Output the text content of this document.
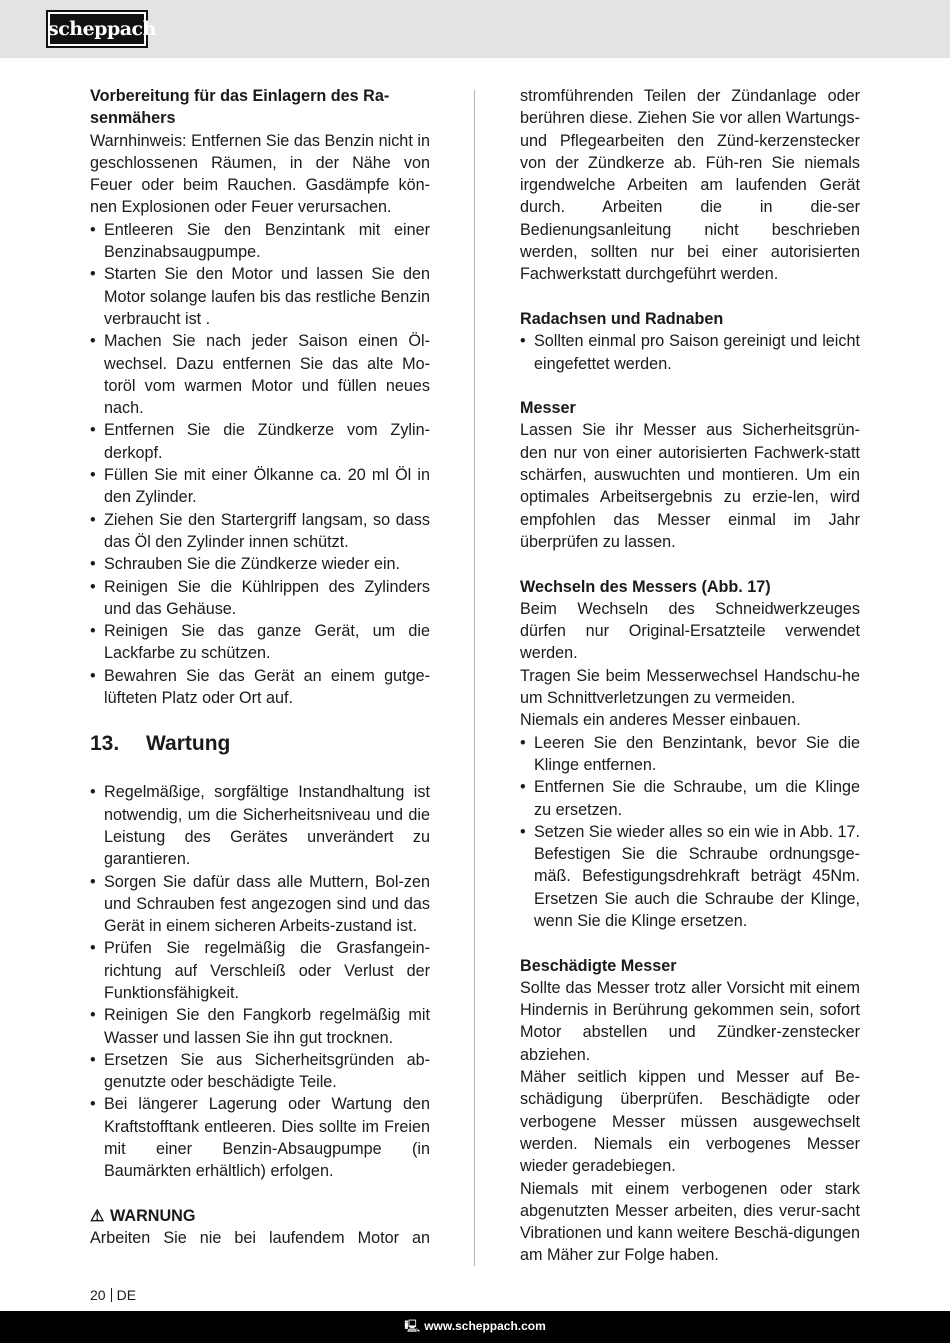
scheppach

Vorbereitung für das Einlagern des Ra-
senmähers

Warnhinweis: Entfernen Sie das Benzin nicht in geschlossenen Räumen, in der Nähe von Feuer oder beim Rauchen. Gasdämpfe kön-nen Explosionen oder Feuer verursachen.

• Entleeren Sie den Benzintank mit einer Benzinabsaugpumpe.
• Starten Sie den Motor und lassen Sie den Motor solange laufen bis das restliche Benzin verbraucht ist .
• Machen Sie nach jeder Saison einen Öl-wechsel. Dazu entfernen Sie das alte Mo-toröl vom warmen Motor und füllen neues nach.
• Entfernen Sie die Zündkerze vom Zylin-derkopf.
• Füllen Sie mit einer Ölkanne ca. 20 ml Öl in den Zylinder.
• Ziehen Sie den Startergriff langsam, so dass das Öl den Zylinder innen schützt.
• Schrauben Sie die Zündkerze wieder ein.
• Reinigen Sie die Kühlrippen des Zylinders und das Gehäuse.
• Reinigen Sie das ganze Gerät, um die Lackfarbe zu schützen.
• Bewahren Sie das Gerät an einem gutge-lüfteten Platz oder Ort auf.
13. Wartung
• Regelmäßige, sorgfältige Instandhaltung ist notwendig, um die Sicherheitsniveau und die Leistung des Gerätes unverändert zu garantieren.
• Sorgen Sie dafür dass alle Muttern, Bol-zen und Schrauben fest angezogen sind und das Gerät in einem sicheren Arbeits-zustand ist.
• Prüfen Sie regelmäßig die Grasfangein-richtung auf Verschleiß oder Verlust der Funktionsfähigkeit.
• Reinigen Sie den Fangkorb regelmäßig mit Wasser und lassen Sie ihn gut trocknen.
• Ersetzen Sie aus Sicherheitsgründen ab-genutzte oder beschädigte Teile.
• Bei längerer Lagerung oder Wartung den Kraftstofftank entleeren. Dies sollte im Freien mit einer Benzin-Absaugpumpe (in Baumärkten erhältlich) erfolgen.

⚠ WARNUNG

Arbeiten Sie nie bei laufendem Motor an

stromführenden Teilen der Zündanlage oder berühren diese. Ziehen Sie vor allen Wartungs- und Pflegearbeiten den Zünd-kerzenstecker von der Zündkerze ab. Füh-ren Sie niemals irgendwelche Arbeiten am laufenden Gerät durch. Arbeiten die in die-ser Bedienungsanleitung nicht beschrieben werden, sollten nur bei einer autorisierten Fachwerkstatt durchgeführt werden.

Radachsen und Radnaben

• Sollten einmal pro Saison gereinigt und leicht eingefettet werden.

Messer

Lassen Sie ihr Messer aus Sicherheitsgrün-den nur von einer autorisierten Fachwerk-statt schärfen, auswuchten und montieren. Um ein optimales Arbeitsergebnis zu erzie-len, wird empfohlen das Messer einmal im Jahr überprüfen zu lassen.

Wechseln des Messers (Abb. 17)

Beim Wechseln des Schneidwerkzeuges dürfen nur Original-Ersatzteile verwendet werden.

Tragen Sie beim Messerwechsel Handschu-he um Schnittverletzungen zu vermeiden.

Niemals ein anderes Messer einbauen.

• Leeren Sie den Benzintank, bevor Sie die Klinge entfernen.
• Entfernen Sie die Schraube, um die Klinge zu ersetzen.
• Setzen Sie wieder alles so ein wie in Abb. 17. Befestigen Sie die Schraube ordnungsge-mäß. Befestigungsdrehkraft beträgt 45Nm. Ersetzen Sie auch die Schraube der Klinge, wenn Sie die Klinge ersetzen.

Beschädigte Messer

Sollte das Messer trotz aller Vorsicht mit einem Hindernis in Berührung gekommen sein, sofort Motor abstellen und Zündker-zenstecker abziehen.

Mäher seitlich kippen und Messer auf Be-schädigung überprüfen. Beschädigte oder verbogene Messer müssen ausgewechselt werden. Niemals ein verbogenes Messer wieder geradebiegen.

Niemals mit einem verbogenen oder stark abgenutzten Messer arbeiten, dies verur-sacht Vibrationen und kann weitere Beschä-digungen am Mäher zur Folge haben.

20 DE
🖳 www.scheppach.com
